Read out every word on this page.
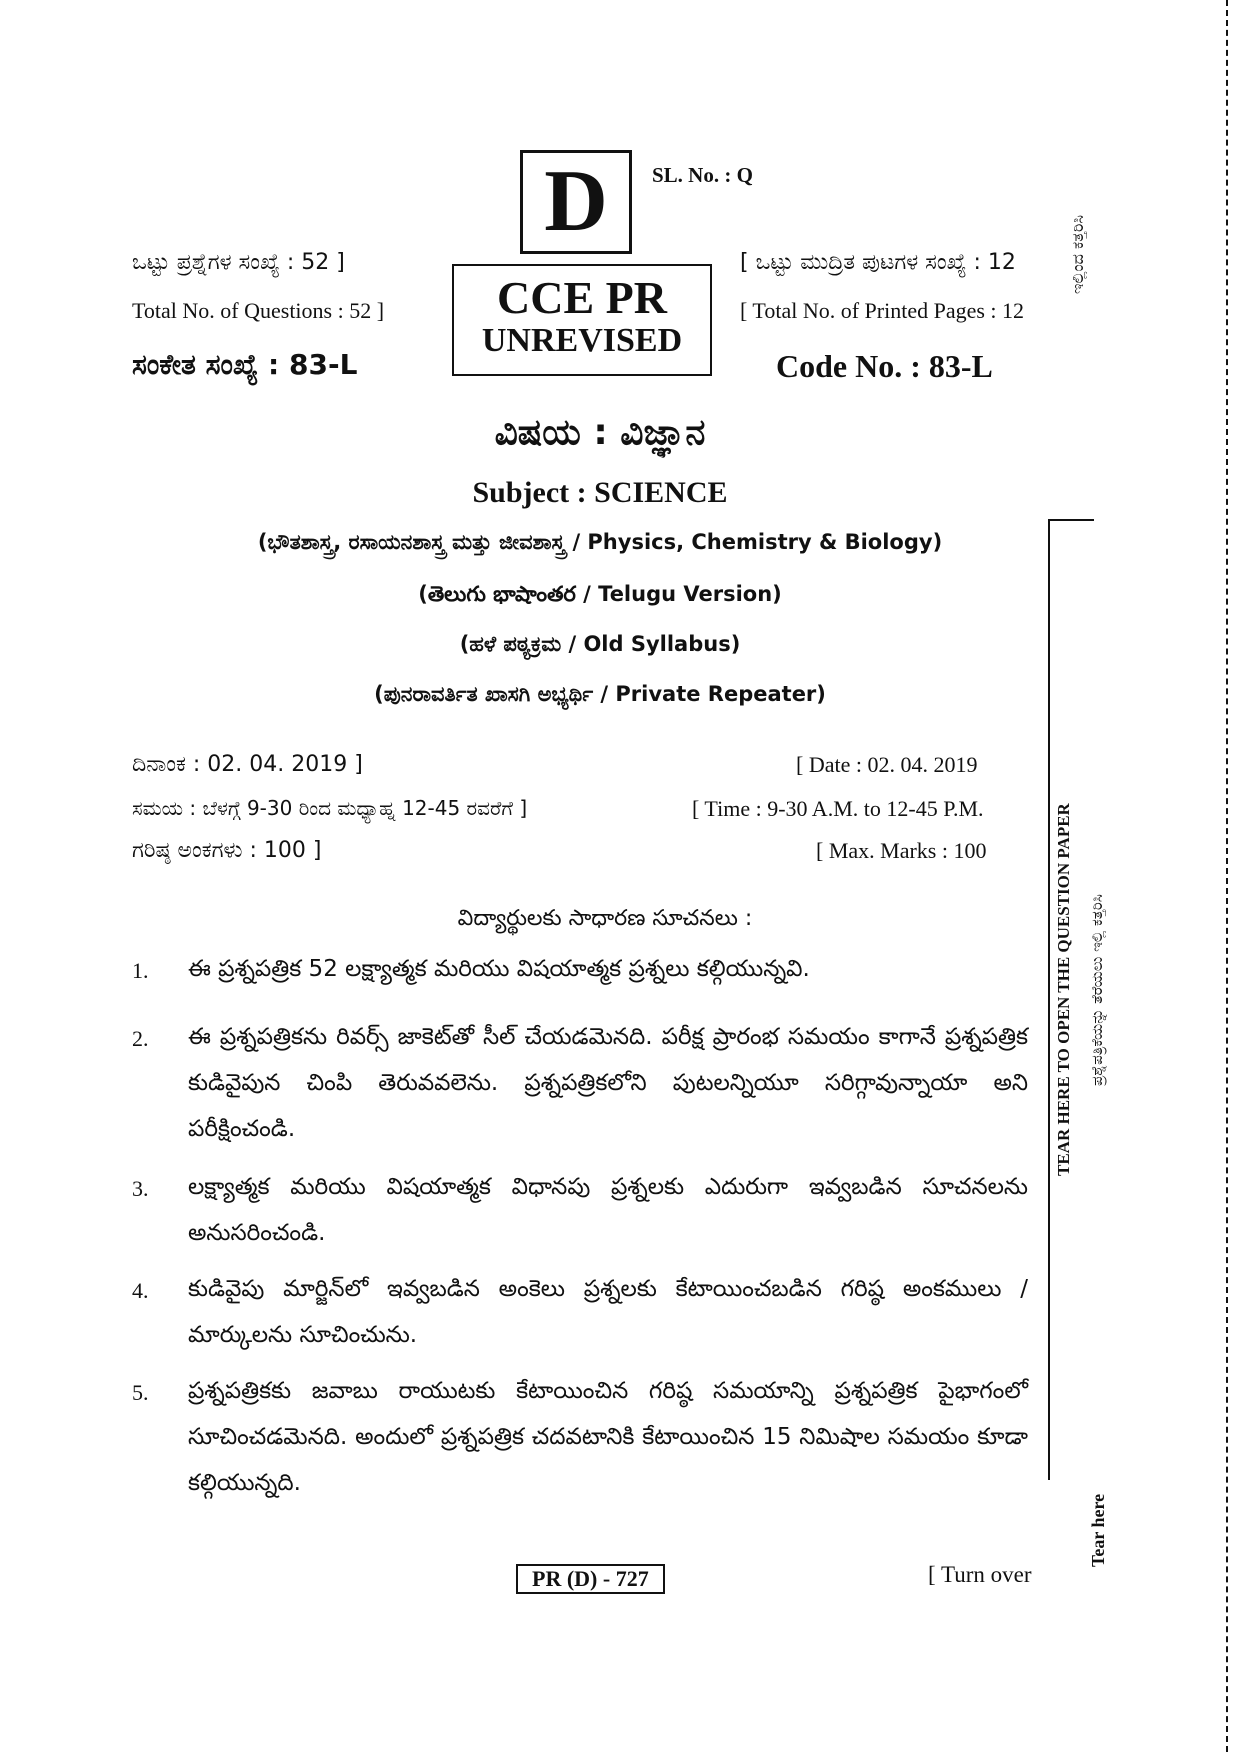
D	SL. No. : Q
CCE PR
UNREVISED
ಒಟ್ಟು ಪ್ರಶ್ನೆಗಳ ಸಂಖ್ಯೆ : 52 ]
Total No. of Questions : 52 ]
ಸಂಕೇತ ಸಂಖ್ಯೆ : 83-L
[ ಒಟ್ಟು ಮುದ್ರಿತ ಪುಟಗಳ ಸಂಖ್ಯೆ : 12
[ Total No. of Printed Pages : 12
Code No. : 83-L
ವಿಷಯ : ವಿಜ್ಞಾನ
Subject : SCIENCE
(ಭೌತಶಾಸ್ತ್ರ, ರಸಾಯನಶಾಸ್ತ್ರ ಮತ್ತು ಜೀವಶಾಸ್ತ್ರ / Physics, Chemistry & Biology)
(తెలుగు భాషాంతర / Telugu Version)
(ಹಳೆ ಪಠ್ಯಕ್ರಮ / Old Syllabus)
(ಪುನರಾವರ್ತಿತ ಖಾಸಗಿ ಅಭ್ಯರ್ಥಿ / Private Repeater)
ದಿನಾಂಕ : 02. 04. 2019 ]	[ Date : 02. 04. 2019
ಸಮಯ : ಬೆಳಗ್ಗೆ 9-30 ರಿಂದ ಮಧ್ಯಾಹ್ನ 12-45 ರವರೆಗೆ ]	[ Time : 9-30 A.M. to 12-45 P.M.
ಗರಿಷ್ಠ ಅಂಕಗಳು : 100 ]	[ Max. Marks : 100
విద్యార్థులకు సాధారణ సూచనలు :
1. ఈ ప్రశ్నపత్రిక 52 లక్ష్యాత్మక మరియు విషయాత్మక ప్రశ్నలు కల్గియున్నవి.
2. ఈ ప్రశ్నపత్రికను రివర్స్ జాకెట్‌తో సీల్ చేయడమెనది. పరీక్ష ప్రారంభ సమయం కాగానే ప్రశ్నపత్రిక కుడివైపున చింపి తెరువవలెను. ప్రశ్నపత్రికలోని పుటలన్నియూ సరిగ్గావున్నాయా అని పరీక్షించండి.
3. లక్ష్యాత్మక మరియు విషయాత్మక విధానపు ప్రశ్నలకు ఎదురుగా ఇవ్వబడిన సూచనలను అనుసరించండి.
4. కుడివైపు మార్జిన్‌లో ఇవ్వబడిన అంకెలు ప్రశ్నలకు కేటాయించబడిన గరిష్ఠ అంకములు / మార్కులను సూచించును.
5. ప్రశ్నపత్రికకు జవాబు రాయుటకు కేటాయించిన గరిష్ఠ సమయాన్ని ప్రశ్నపత్రిక పైభాగంలో సూచించడమెనది. అందులో ప్రశ్నపత్రిక చదవటానికి కేటాయించిన 15 నిమిషాల సమయం కూడా కల్గియున్నది.
PR (D) - 727	[ Turn over
ಇಲ್ಲಿಂದ ಕತ್ತರಿಸಿ
TEAR HERE TO OPEN THE QUESTION PAPER ಪ್ರಶ್ನೆಪತ್ರಿಕೆಯನ್ನು ತೆರೆಯಲು ಇಲ್ಲಿ ಕತ್ತರಿಸಿ
Tear here
